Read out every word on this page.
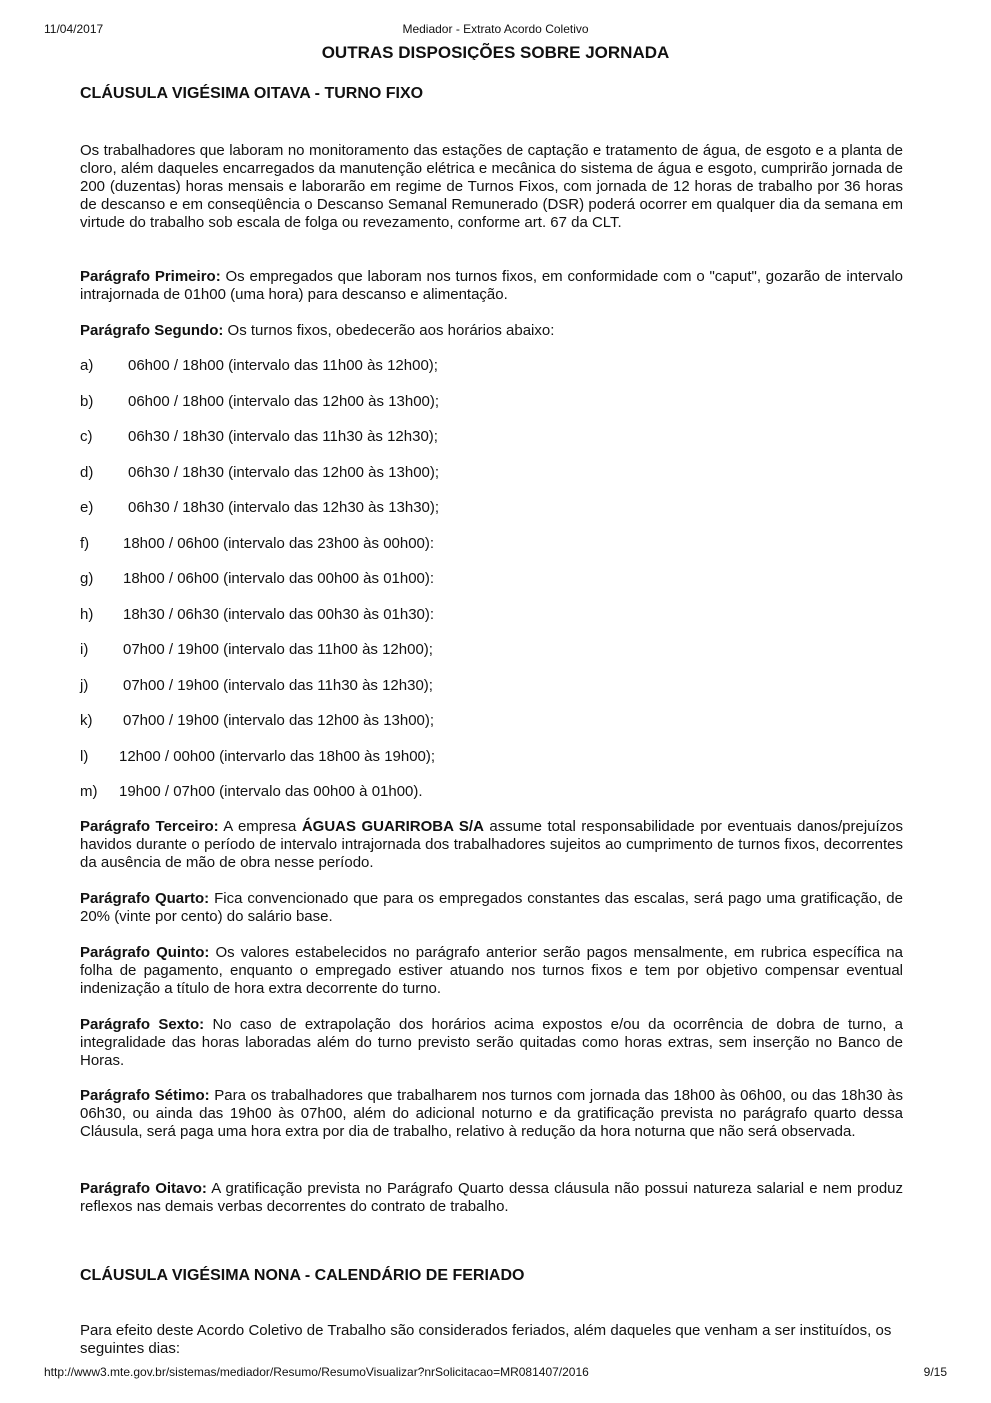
11/04/2017	Mediador - Extrato Acordo Coletivo
OUTRAS DISPOSIÇÕES SOBRE JORNADA
CLÁUSULA VIGÉSIMA OITAVA - TURNO FIXO
Os trabalhadores que laboram no monitoramento das estações de captação e tratamento de água, de esgoto e a planta de cloro, além daqueles encarregados da manutenção elétrica e mecânica do sistema de água e esgoto, cumprirão jornada de 200 (duzentas) horas mensais e laborarão em regime de Turnos Fixos, com jornada de 12 horas de trabalho por 36 horas de descanso e em conseqüência o Descanso Semanal Remunerado (DSR) poderá ocorrer em qualquer dia da semana em virtude do trabalho sob escala de folga ou revezamento, conforme art. 67 da CLT.
Parágrafo Primeiro: Os empregados que laboram nos turnos fixos, em conformidade com o "caput", gozarão de intervalo intrajornada de 01h00 (uma hora) para descanso e alimentação.
Parágrafo Segundo: Os turnos fixos, obedecerão aos horários abaixo:
a) 06h00 / 18h00 (intervalo das 11h00 às 12h00);
b) 06h00 / 18h00 (intervalo das 12h00 às 13h00);
c) 06h30 / 18h30 (intervalo das 11h30 às 12h30);
d) 06h30 / 18h30 (intervalo das 12h00 às 13h00);
e) 06h30 / 18h30 (intervalo das 12h30 às 13h30);
f) 18h00 / 06h00 (intervalo das 23h00 às 00h00):
g) 18h00 / 06h00 (intervalo das 00h00 às 01h00):
h) 18h30 / 06h30 (intervalo das 00h30 às 01h30):
i) 07h00 / 19h00 (intervalo das 11h00 às 12h00);
j) 07h00 / 19h00 (intervalo das 11h30 às 12h30);
k) 07h00 / 19h00 (intervalo das 12h00 às 13h00);
l) 12h00 / 00h00 (intervarlo das 18h00 às 19h00);
m) 19h00 / 07h00 (intervalo das 00h00 à 01h00).
Parágrafo Terceiro: A empresa ÁGUAS GUARIROBA S/A assume total responsabilidade por eventuais danos/prejuízos havidos durante o período de intervalo intrajornada dos trabalhadores sujeitos ao cumprimento de turnos fixos, decorrentes da ausência de mão de obra nesse período.
Parágrafo Quarto: Fica convencionado que para os empregados constantes das escalas, será pago uma gratificação, de 20% (vinte por cento) do salário base.
Parágrafo Quinto: Os valores estabelecidos no parágrafo anterior serão pagos mensalmente, em rubrica específica na folha de pagamento, enquanto o empregado estiver atuando nos turnos fixos e tem por objetivo compensar eventual indenização a título de hora extra decorrente do turno.
Parágrafo Sexto: No caso de extrapolação dos horários acima expostos e/ou da ocorrência de dobra de turno, a integralidade das horas laboradas além do turno previsto serão quitadas como horas extras, sem inserção no Banco de Horas.
Parágrafo Sétimo: Para os trabalhadores que trabalharem nos turnos com jornada das 18h00 às 06h00, ou das 18h30 às 06h30, ou ainda das 19h00 às 07h00, além do adicional noturno e da gratificação prevista no parágrafo quarto dessa Cláusula, será paga uma hora extra por dia de trabalho, relativo à redução da hora noturna que não será observada.
Parágrafo Oitavo: A gratificação prevista no Parágrafo Quarto dessa cláusula não possui natureza salarial e nem produz reflexos nas demais verbas decorrentes do contrato de trabalho.
CLÁUSULA VIGÉSIMA NONA - CALENDÁRIO DE FERIADO
Para efeito deste Acordo Coletivo de Trabalho são considerados feriados, além daqueles que venham a ser instituídos, os seguintes dias:
http://www3.mte.gov.br/sistemas/mediador/Resumo/ResumoVisualizar?nrSolicitacao=MR081407/2016	9/15
